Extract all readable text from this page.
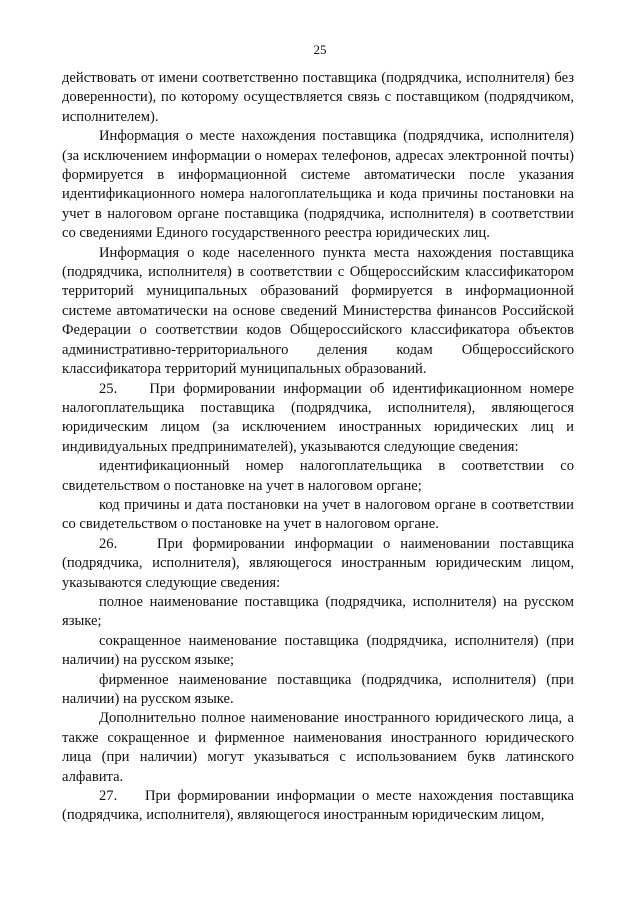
25

действовать от имени соответственно поставщика (подрядчика, исполнителя) без доверенности), по которому осуществляется связь с поставщиком (подрядчиком, исполнителем).

Информация о месте нахождения поставщика (подрядчика, исполнителя) (за исключением информации о номерах телефонов, адресах электронной почты) формируется в информационной системе автоматически после указания идентификационного номера налогоплательщика и кода причины постановки на учет в налоговом органе поставщика (подрядчика, исполнителя) в соответствии со сведениями Единого государственного реестра юридических лиц.

Информация о коде населенного пункта места нахождения поставщика (подрядчика, исполнителя) в соответствии с Общероссийским классификатором территорий муниципальных образований формируется в информационной системе автоматически на основе сведений Министерства финансов Российской Федерации о соответствии кодов Общероссийского классификатора объектов административно-территориального деления кодам Общероссийского классификатора территорий муниципальных образований.

25.    При формировании информации об идентификационном номере налогоплательщика поставщика (подрядчика, исполнителя), являющегося юридическим лицом (за исключением иностранных юридических лиц и индивидуальных предпринимателей), указываются следующие сведения:

идентификационный номер налогоплательщика в соответствии со свидетельством о постановке на учет в налоговом органе;

код причины и дата постановки на учет в налоговом органе в соответствии со свидетельством о постановке на учет в налоговом органе.

26.    При формировании информации о наименовании поставщика (подрядчика, исполнителя), являющегося иностранным юридическим лицом, указываются следующие сведения:

полное наименование поставщика (подрядчика, исполнителя) на русском языке;

сокращенное наименование поставщика (подрядчика, исполнителя) (при наличии) на русском языке;

фирменное наименование поставщика (подрядчика, исполнителя) (при наличии) на русском языке.

Дополнительно полное наименование иностранного юридического лица, а также сокращенное и фирменное наименования иностранного юридического лица (при наличии) могут указываться с использованием букв латинского алфавита.

27.    При формировании информации о месте нахождения поставщика (подрядчика, исполнителя), являющегося иностранным юридическим лицом,
